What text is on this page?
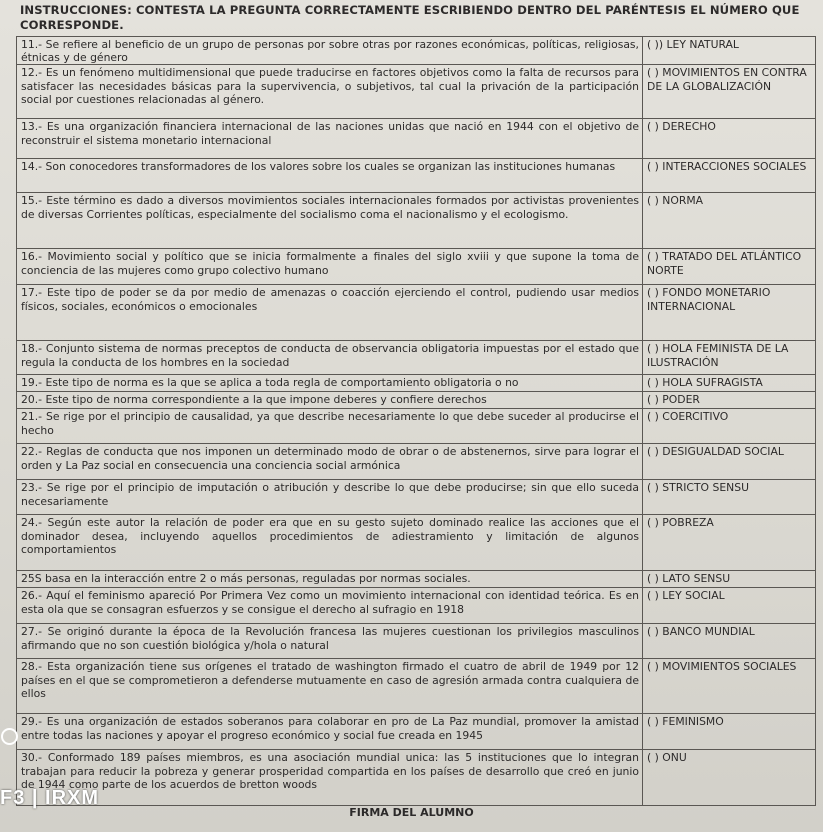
INSTRUCCIONES: CONTESTA LA PREGUNTA CORRECTAMENTE ESCRIBIENDO DENTRO DEL PARÉNTESIS EL NÚMERO QUE CORRESPONDE.
11.- Se refiere al beneficio de un grupo de personas por sobre otras por razones económicas, políticas, religiosas, étnicas y de género	( )) LEY NATURAL
12.- Es un fenómeno multidimensional que puede traducirse en factores objetivos como la falta de recursos para satisfacer las necesidades básicas para la supervivencia, o subjetivos, tal cual la privación de la participación social por cuestiones relacionadas al género.	( ) MOVIMIENTOS EN CONTRA DE LA GLOBALIZACIÓN
13.- Es una organización financiera internacional de las naciones unidas que nació en 1944 con el objetivo de reconstruir el sistema monetario internacional	( ) DERECHO
14.- Son conocedores transformadores de los valores sobre los cuales se organizan las instituciones humanas	( ) INTERACCIONES SOCIALES
15.- Este término es dado a diversos movimientos sociales internacionales formados por activistas provenientes de diversas Corrientes políticas, especialmente del socialismo coma el nacionalismo y el ecologismo.	( ) NORMA
16.- Movimiento social y político que se inicia formalmente a finales del siglo xviii y que supone la toma de conciencia de las mujeres como grupo colectivo humano	( ) TRATADO DEL ATLÁNTICO NORTE
17.- Este tipo de poder se da por medio de amenazas o coacción ejerciendo el control, pudiendo usar medios físicos, sociales, económicos o emocionales	( ) FONDO MONETARIO INTERNACIONAL
18.- Conjunto sistema de normas preceptos de conducta de observancia obligatoria impuestas por el estado que regula la conducta de los hombres en la sociedad	( ) HOLA FEMINISTA DE LA ILUSTRACIÓN
19.- Este tipo de norma es la que se aplica a toda regla de comportamiento obligatoria o no	( ) HOLA SUFRAGISTA
20.- Este tipo de norma correspondiente a la que impone deberes y confiere derechos	( ) PODER
21.- Se rige por el principio de causalidad, ya que describe necesariamente lo que debe suceder al producirse el hecho	( ) COERCITIVO
22.- Reglas de conducta que nos imponen un determinado modo de obrar o de abstenernos, sirve para lograr el orden y La Paz social en consecuencia una conciencia social armónica	( ) DESIGUALDAD SOCIAL
23.- Se rige por el principio de imputación o atribución y describe lo que debe producirse; sin que ello suceda necesariamente	( ) STRICTO SENSU
24.- Según este autor la relación de poder era que en su gesto sujeto dominado realice las acciones que el dominador desea, incluyendo aquellos procedimientos de adiestramiento y limitación de algunos comportamientos	( ) POBREZA
25S basa en la interacción entre 2 o más personas, reguladas por normas sociales.	( ) LATO SENSU
26.- Aquí el feminismo apareció Por Primera Vez como un movimiento internacional con identidad teórica. Es en esta ola que se consagran esfuerzos y se consigue el derecho al sufragio en 1918	( ) LEY SOCIAL
27.- Se originó durante la época de la Revolución francesa las mujeres cuestionan los privilegios masculinos afirmando que no son cuestión biológica y/hola o natural	( ) BANCO MUNDIAL
28.- Esta organización tiene sus orígenes el tratado de washington firmado el cuatro de abril de 1949 por 12 países en el que se comprometieron a defenderse mutuamente en caso de agresión armada contra cualquiera de ellos	( ) MOVIMIENTOS SOCIALES
29.- Es una organización de estados soberanos para colaborar en pro de La Paz mundial, promover la amistad entre todas las naciones y apoyar el progreso económico y social fue creada en 1945	( ) FEMINISMO
30.- Conformado 189 países miembros, es una asociación mundial unica: las 5 instituciones que lo integran trabajan para reducir la pobreza y generar prosperidad compartida en los países de desarrollo que creó en junio de 1944 como parte de los acuerdos de bretton woods	( ) ONU
FIRMA DEL ALUMNO
F3 | IRXM
